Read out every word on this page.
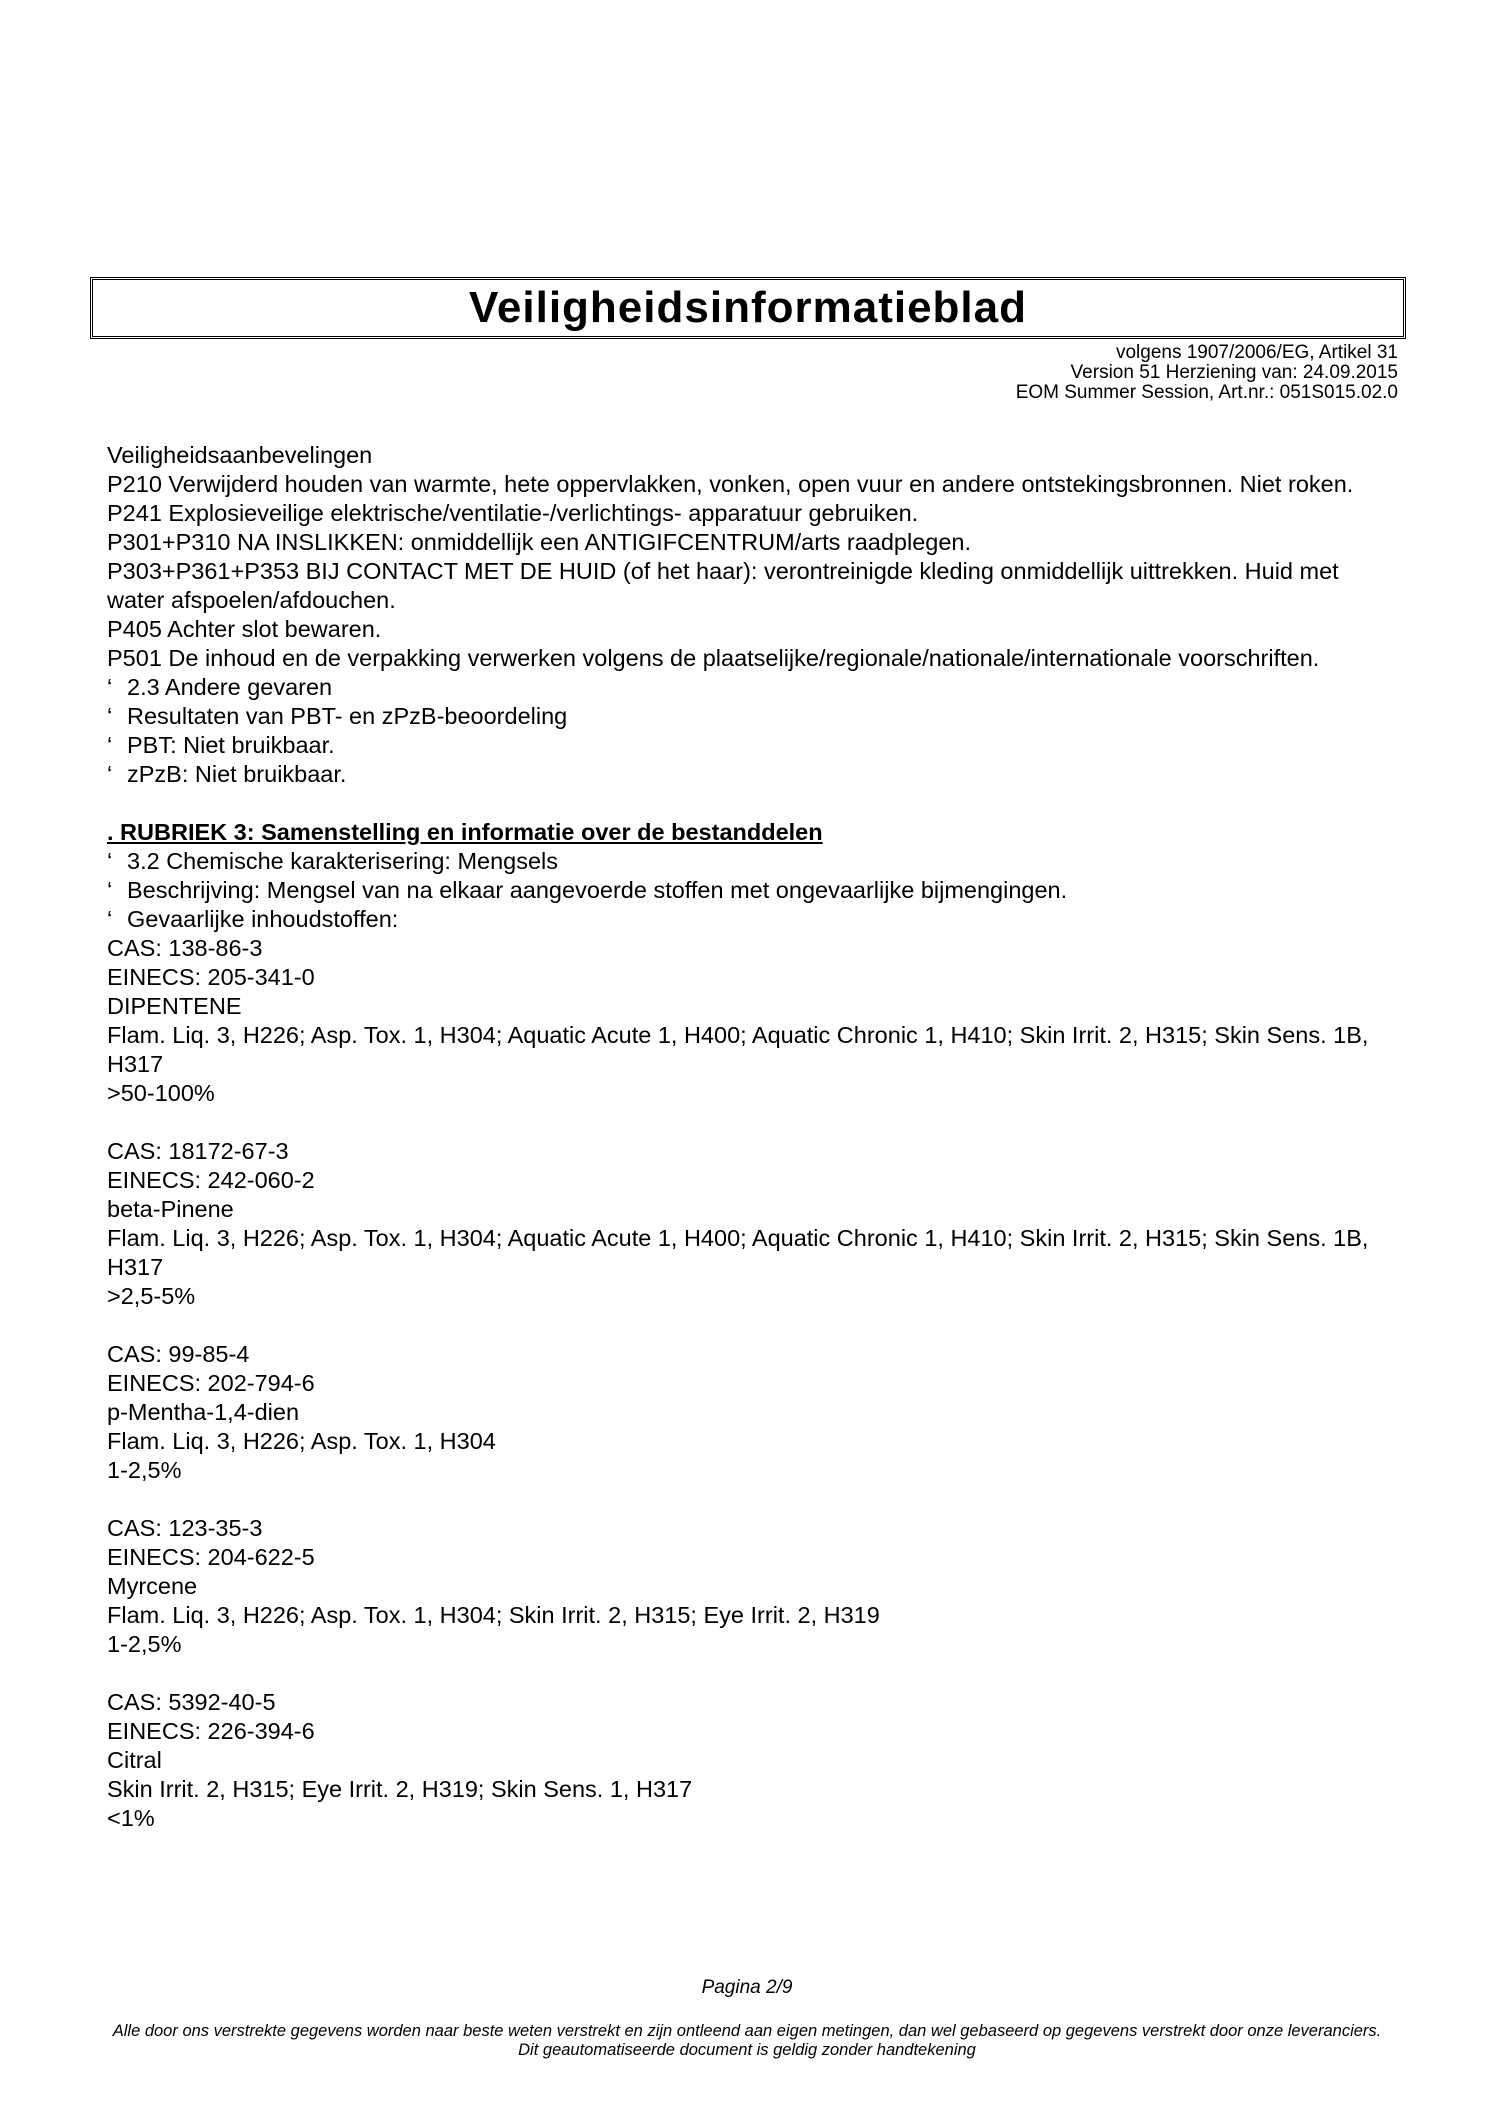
Veiligheidsinformatieblad
volgens 1907/2006/EG, Artikel 31
Version 51 Herziening van: 24.09.2015
EOM Summer Session, Art.nr.: 051S015.02.0
Veiligheidsaanbevelingen
P210 Verwijderd houden van warmte, hete oppervlakken, vonken, open vuur en andere ontstekingsbronnen. Niet roken.
P241 Explosieveilige elektrische/ventilatie-/verlichtings- apparatuur gebruiken.
P301+P310 NA INSLIKKEN: onmiddellijk een ANTIGIFCENTRUM/arts raadplegen.
P303+P361+P353 BIJ CONTACT MET DE HUID (of het haar): verontreinigde kleding onmiddellijk uittrekken. Huid met water afspoelen/afdouchen.
P405 Achter slot bewaren.
P501 De inhoud en de verpakking verwerken volgens de plaatselijke/regionale/nationale/internationale voorschriften.
‘ 2.3 Andere gevaren
‘ Resultaten van PBT- en zPzB-beoordeling
‘ PBT: Niet bruikbaar.
‘ zPzB: Niet bruikbaar.
. RUBRIEK 3: Samenstelling en informatie over de bestanddelen
‘ 3.2 Chemische karakterisering: Mengsels
‘ Beschrijving: Mengsel van na elkaar aangevoerde stoffen met ongevaarlijke bijmengingen.
‘ Gevaarlijke inhoudstoffen:
CAS: 138-86-3
EINECS: 205-341-0
DIPENTENE
Flam. Liq. 3, H226; Asp. Tox. 1, H304; Aquatic Acute 1, H400; Aquatic Chronic 1, H410; Skin Irrit. 2, H315; Skin Sens. 1B, H317
>50-100%
CAS: 18172-67-3
EINECS: 242-060-2
beta-Pinene
Flam. Liq. 3, H226; Asp. Tox. 1, H304; Aquatic Acute 1, H400; Aquatic Chronic 1, H410; Skin Irrit. 2, H315; Skin Sens. 1B, H317
>2,5-5%
CAS: 99-85-4
EINECS: 202-794-6
p-Mentha-1,4-dien
Flam. Liq. 3, H226; Asp. Tox. 1, H304
1-2,5%
CAS: 123-35-3
EINECS: 204-622-5
Myrcene
Flam. Liq. 3, H226; Asp. Tox. 1, H304; Skin Irrit. 2, H315; Eye Irrit. 2, H319
1-2,5%
CAS: 5392-40-5
EINECS: 226-394-6
Citral
Skin Irrit. 2, H315; Eye Irrit. 2, H319; Skin Sens. 1, H317
<1%
Pagina 2/9
Alle door ons verstrekte gegevens worden naar beste weten verstrekt en zijn ontleend aan eigen metingen, dan wel gebaseerd op gegevens verstrekt door onze leveranciers.
Dit geautomatiseerde document is geldig zonder handtekening
